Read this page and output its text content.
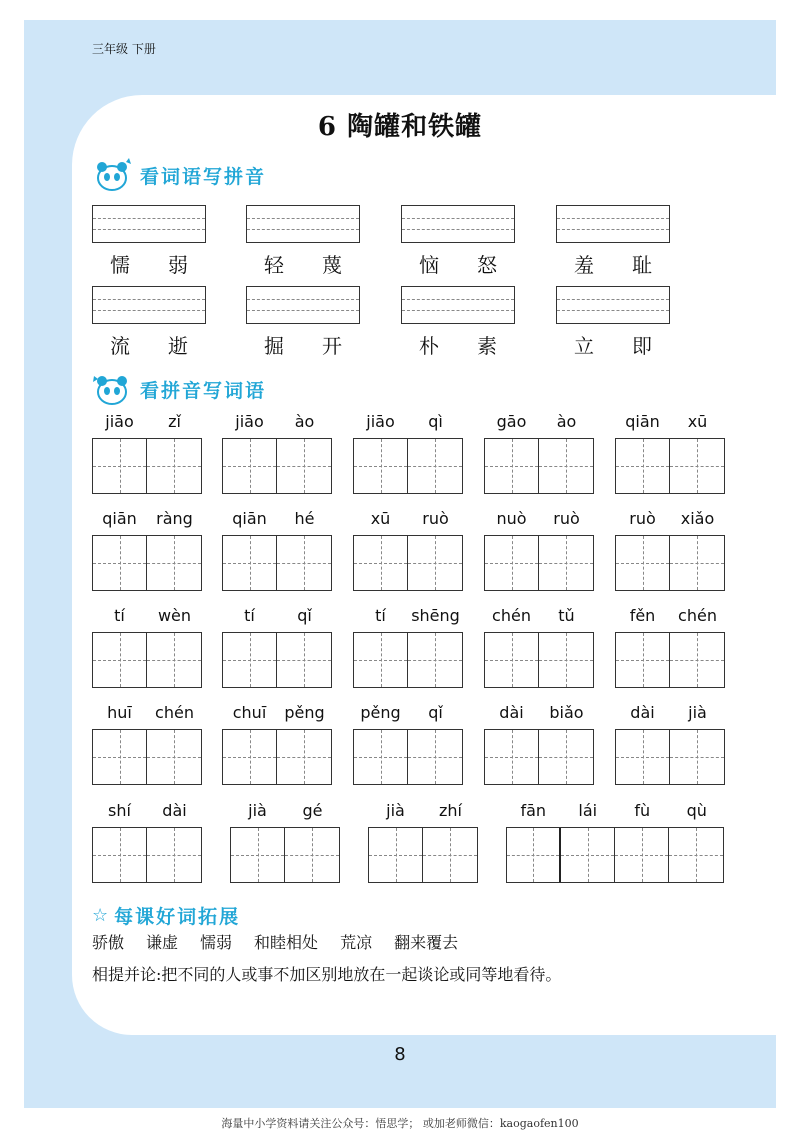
三年级 下册
6 陶罐和铁罐
看词语写拼音
懦 弱	轻 蔑	恼 怒	羞 耻
流 逝	掘 开	朴 素	立 即
看拼音写词语
jiāo	zǐ	jiāo	ào	jiāo	qì	gāo	ào	qiān	xū
qiān	ràng	qiān	hé	xū	ruò	nuò	ruò	ruò	xiǎo
tí	wèn	tí	qǐ	tí	shēng	chén	tǔ	fěn	chén
huī	chén	chuī	pěng	pěng	qǐ	dài	biǎo	dài	jià
shí	dài	jià	gé	jià	zhí	fān	lái	fù	qù
☆ 每课好词拓展
骄傲 谦虚 懦弱 和睦相处 荒凉 翻来覆去
相提并论:把不同的人或事不加区别地放在一起谈论或同等地看待。
8
海量中小学资料请关注公众号：悟思学； 或加老师微信：kaogaofen100
